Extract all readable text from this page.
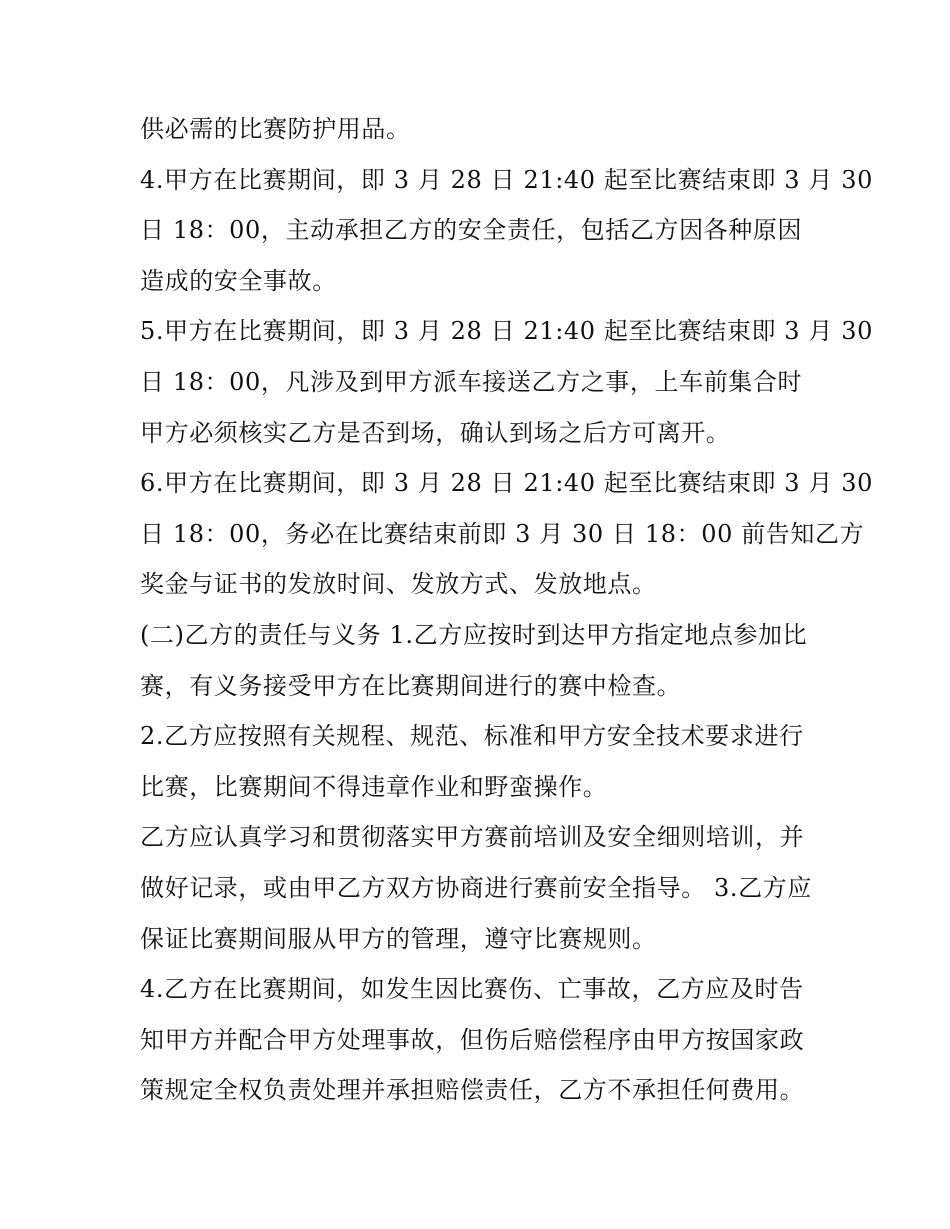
供必需的比赛防护用品。
4.甲方在比赛期间，即 3 月 28 日 21:40 起至比赛结束即 3 月 30
日 18：00，主动承担乙方的安全责任，包括乙方因各种原因
造成的安全事故。
5.甲方在比赛期间，即 3 月 28 日 21:40 起至比赛结束即 3 月 30
日 18：00，凡涉及到甲方派车接送乙方之事，上车前集合时
甲方必须核实乙方是否到场，确认到场之后方可离开。
6.甲方在比赛期间，即 3 月 28 日 21:40 起至比赛结束即 3 月 30
日 18：00，务必在比赛结束前即 3 月 30 日 18：00 前告知乙方
奖金与证书的发放时间、发放方式、发放地点。
(二)乙方的责任与义务 1.乙方应按时到达甲方指定地点参加比
赛，有义务接受甲方在比赛期间进行的赛中检查。
2.乙方应按照有关规程、规范、标准和甲方安全技术要求进行
比赛，比赛期间不得违章作业和野蛮操作。
乙方应认真学习和贯彻落实甲方赛前培训及安全细则培训，并
做好记录，或由甲乙方双方协商进行赛前安全指导。 3.乙方应
保证比赛期间服从甲方的管理，遵守比赛规则。
4.乙方在比赛期间，如发生因比赛伤、亡事故，乙方应及时告
知甲方并配合甲方处理事故，但伤后赔偿程序由甲方按国家政
策规定全权负责处理并承担赔偿责任，乙方不承担任何费用。
